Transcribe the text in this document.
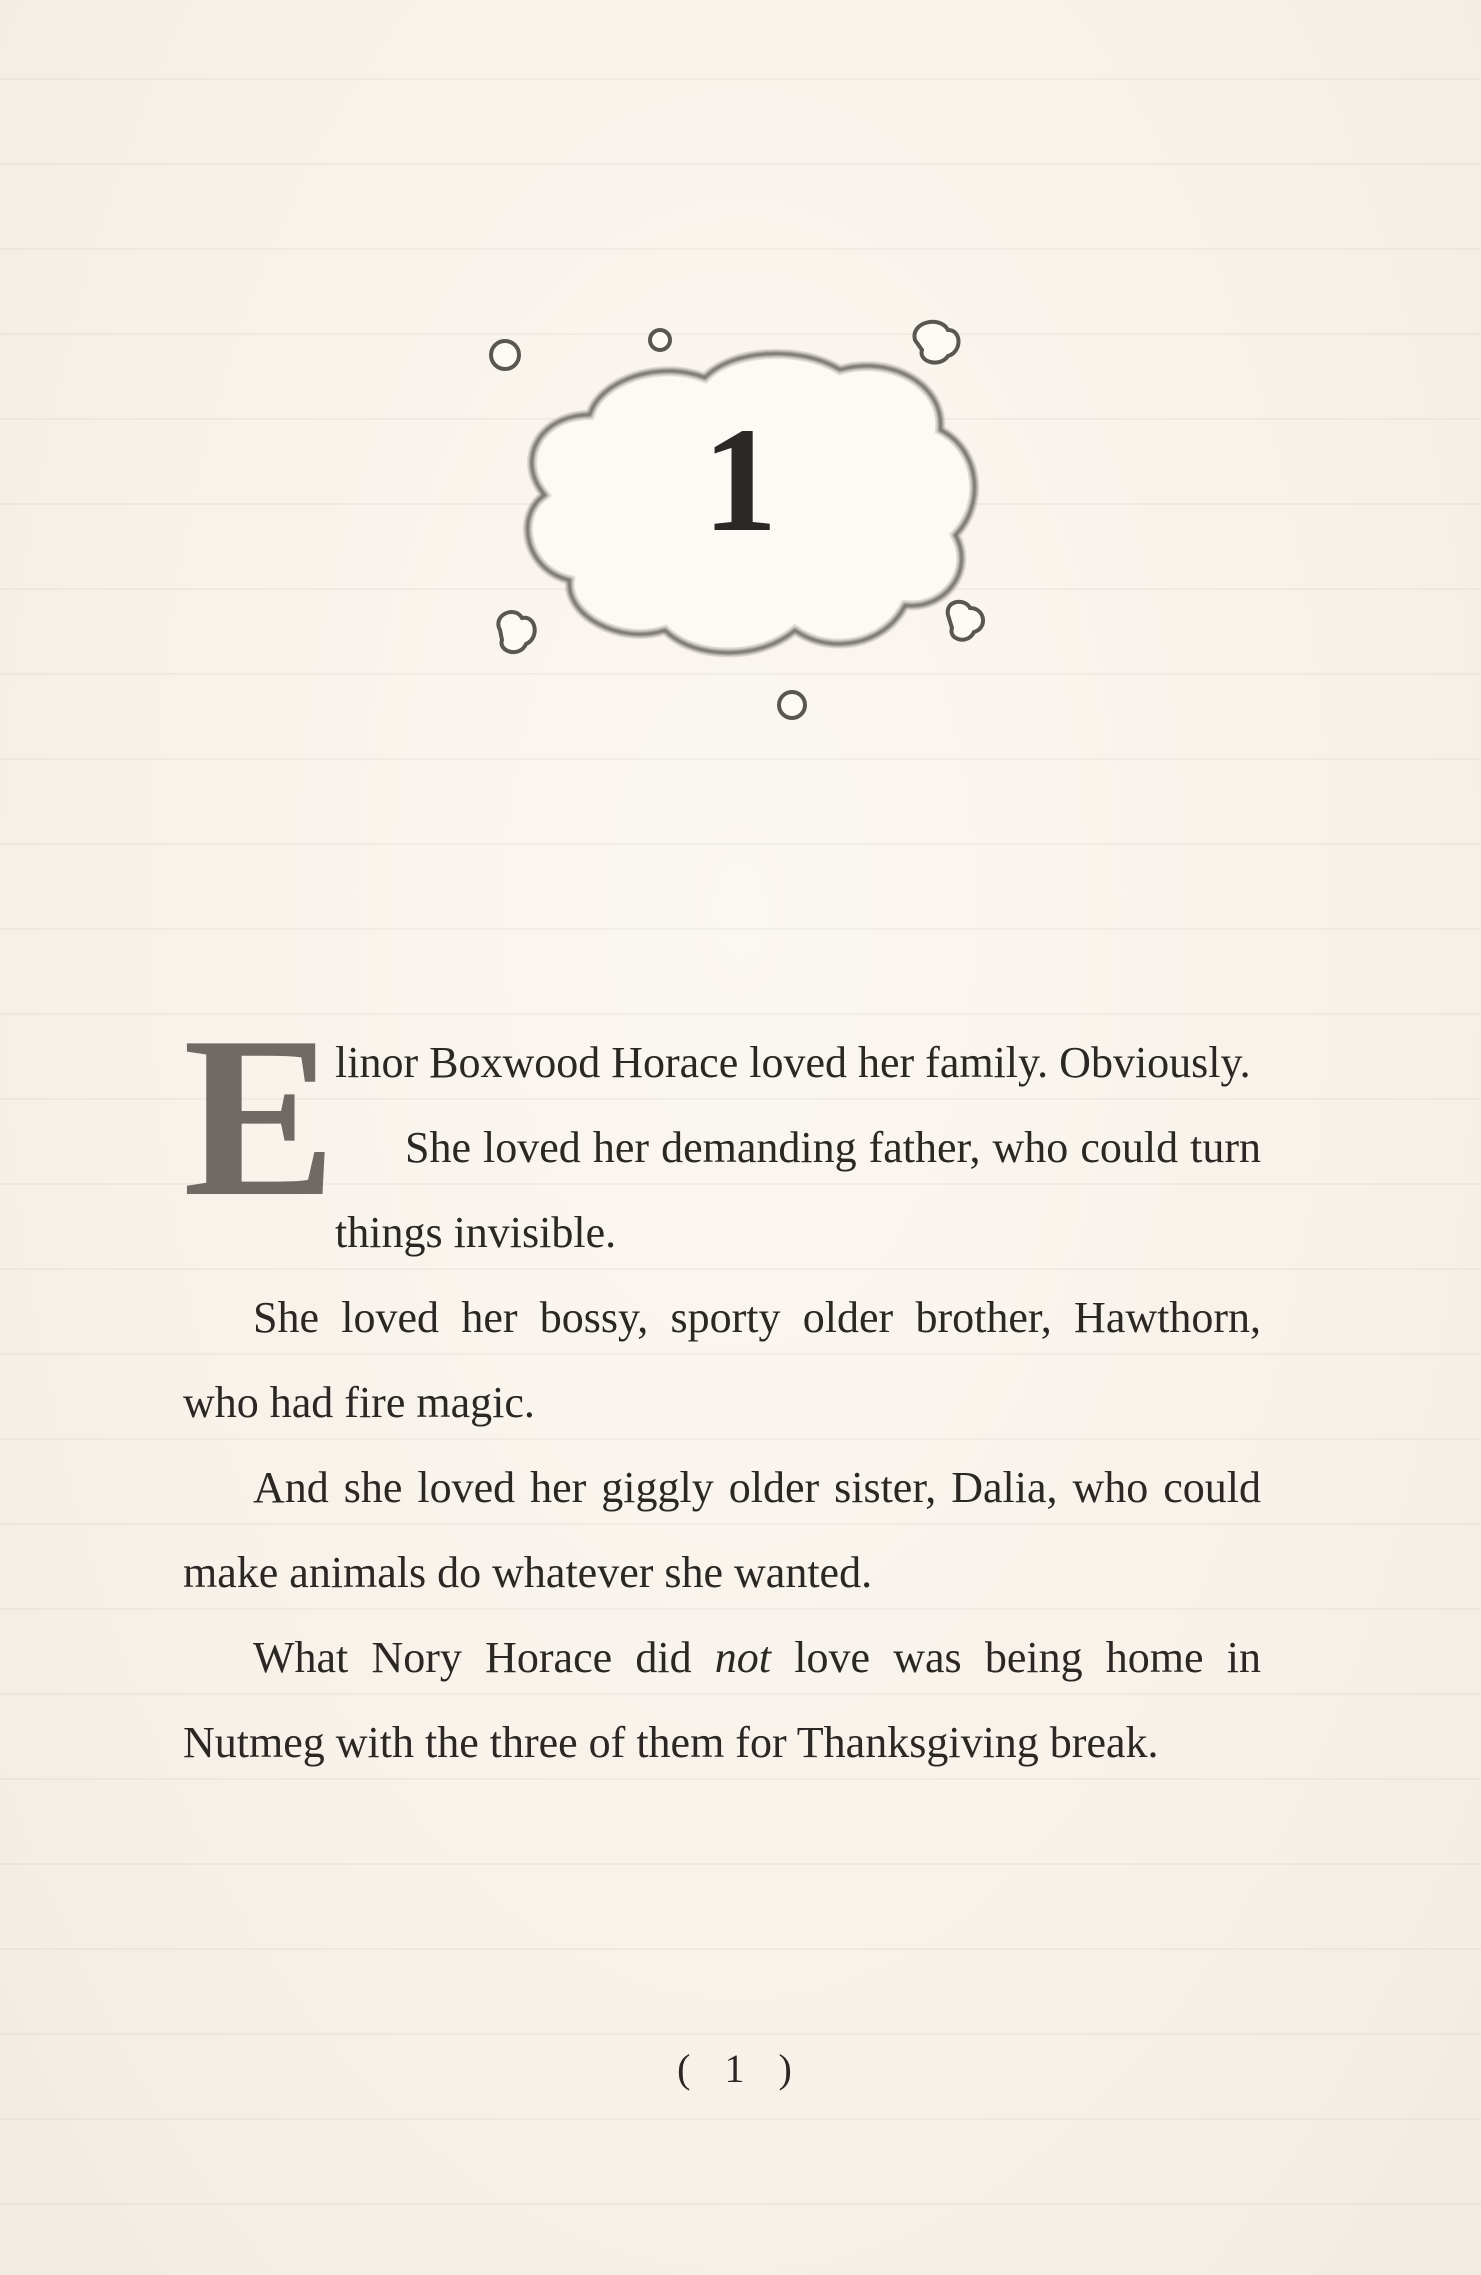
1

E
linor Boxwood Horace loved her family. Obviously.

She loved her demanding father, who could turn things invisible.

She loved her bossy, sporty older brother, Hawthorn, who had fire magic.

And she loved her giggly older sister, Dalia, who could make animals do whatever she wanted.

What Nory Horace did not love was being home in Nutmeg with the three of them for Thanksgiving break.

( 1 )
